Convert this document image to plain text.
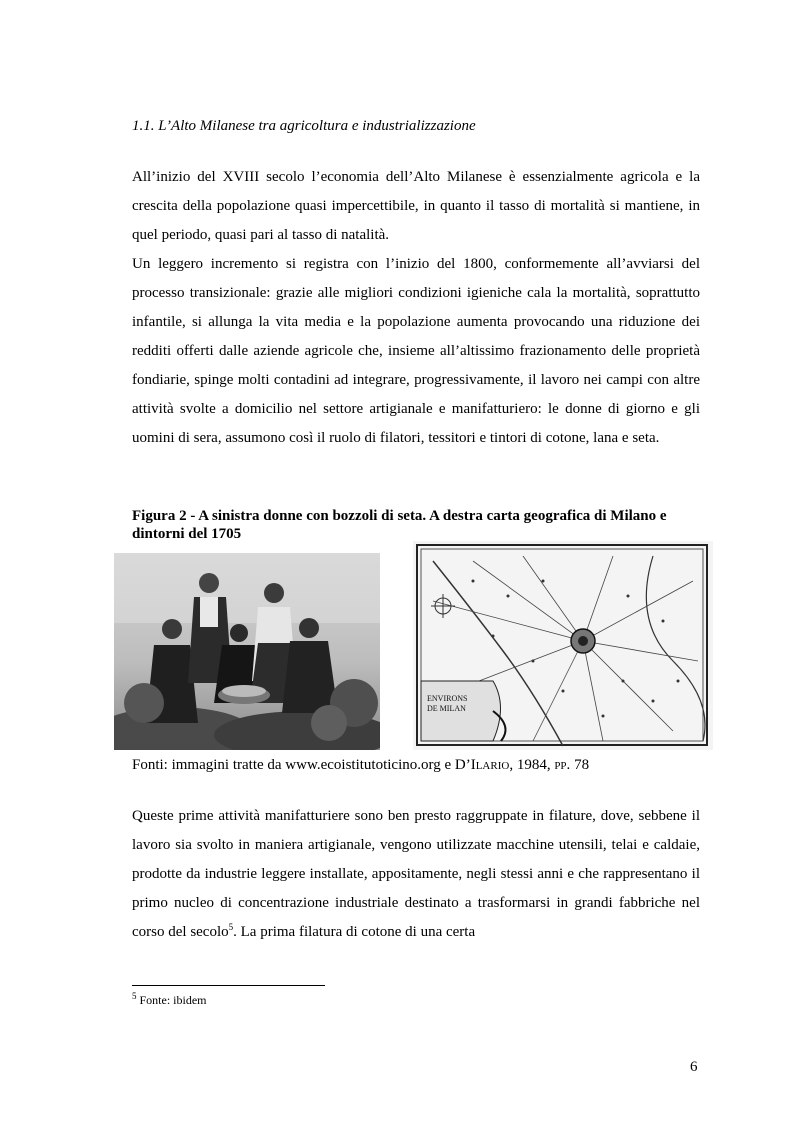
1.1. L’Alto Milanese tra agricoltura e industrializzazione

All’inizio del XVIII secolo l’economia dell’Alto Milanese è essenzialmente agricola e la crescita della popolazione quasi impercettibile, in quanto il tasso di mortalità si mantiene, in quel periodo, quasi pari al tasso di natalità.

Un leggero incremento si registra con l’inizio del 1800, conformemente all’avviarsi del processo transizionale: grazie alle migliori condizioni igieniche cala la mortalità, soprattutto infantile, si allunga la vita media e la popolazione aumenta provocando una riduzione dei redditi offerti dalle aziende agricole che, insieme all’altissimo frazionamento delle proprietà fondiarie, spinge molti contadini ad integrare, progressivamente, il lavoro nei campi con altre attività svolte a domicilio nel settore artigianale e manifatturiero: le donne di giorno e gli uomini di sera, assumono così il ruolo di filatori, tessitori e tintori di cotone, lana e seta.

Figura 2 - A sinistra donne con bozzoli di seta. A destra carta geografica di Milano e dintorni del 1705

ENVIRONS
DE MILAN

Fonti: immagini tratte da www.ecoistitutoticino.org e D’Ilario, 1984, pp. 78

Queste prime attività manifatturiere sono ben presto raggruppate in filature, dove, sebbene il lavoro sia svolto in maniera artigianale, vengono utilizzate macchine utensili, telai e caldaie, prodotte da industrie leggere installate, appositamente, negli stessi anni e che rappresentano il primo nucleo di concentrazione industriale destinato a trasformarsi in grandi fabbriche nel corso del secolo$^5$. La prima filatura di cotone di una certa

$^5$ Fonte: ibidem
6
